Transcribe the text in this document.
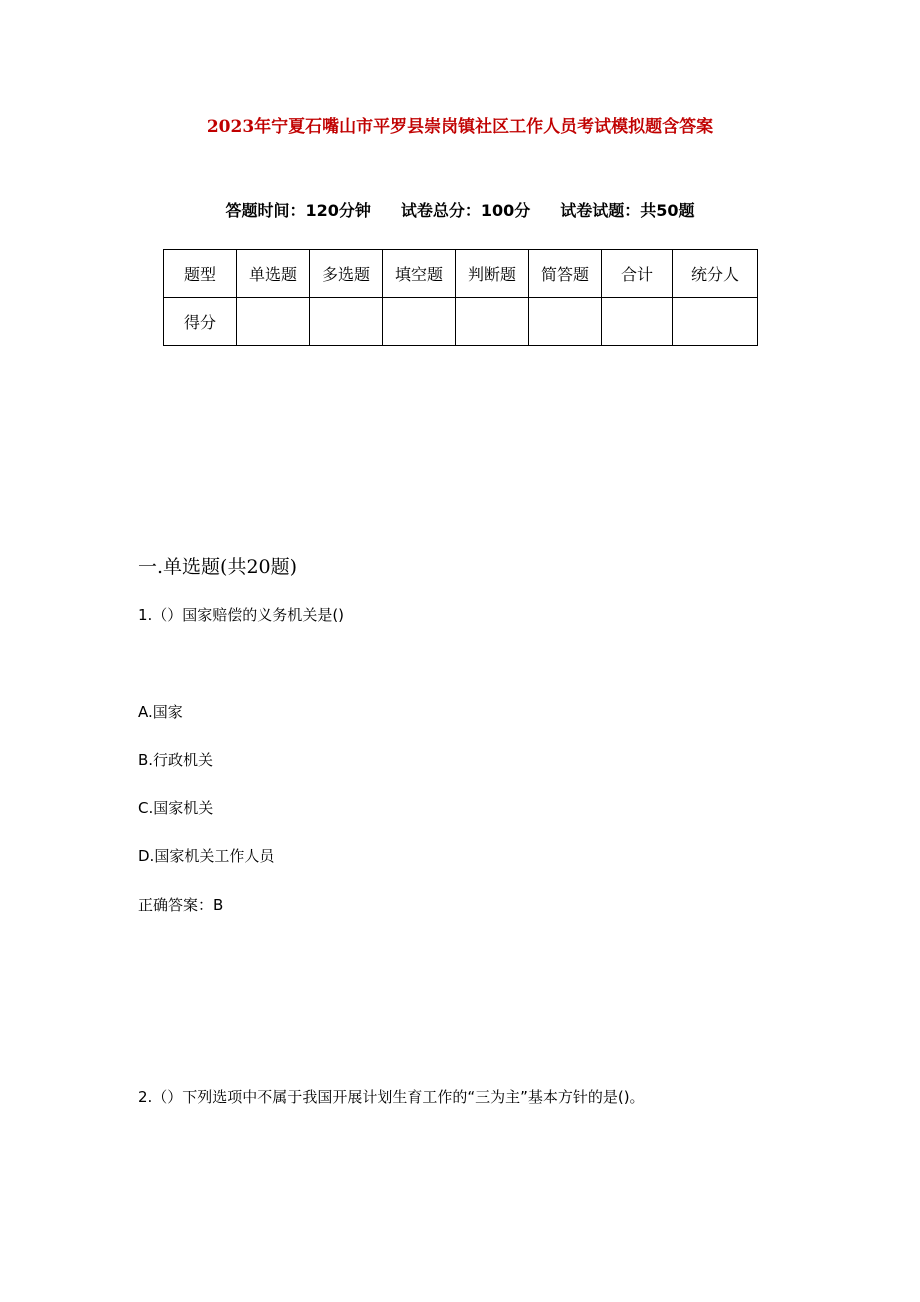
2023年宁夏石嘴山市平罗县崇岗镇社区工作人员考试模拟题含答案
答题时间：120分钟 试卷总分：100分 试卷试题：共50题
题型	单选题	多选题	填空题	判断题	简答题	合计	统分人
得分							
一.单选题(共20题)
1.（）国家赔偿的义务机关是()
A.国家
B.行政机关
C.国家机关
D.国家机关工作人员
正确答案：B
2.（）下列选项中不属于我国开展计划生育工作的“三为主”基本方针的是()。
